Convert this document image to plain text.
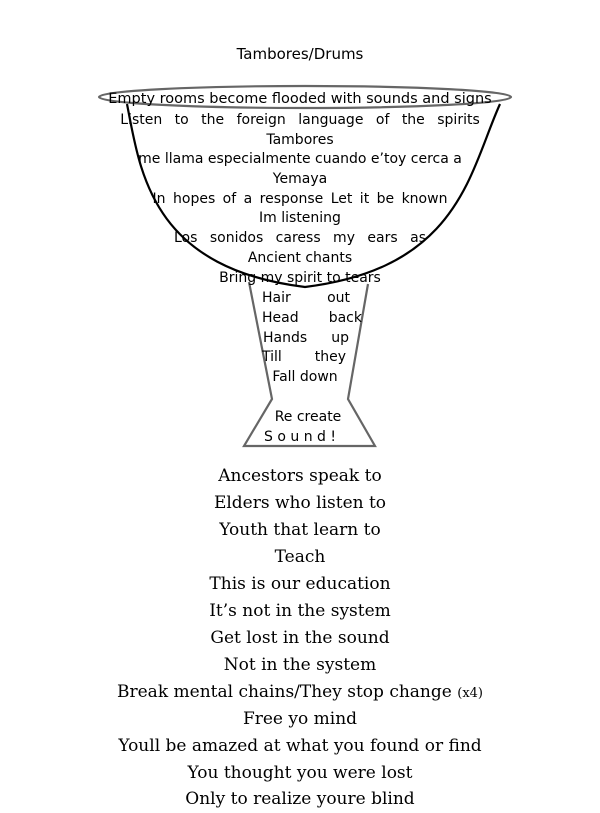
Tambores/Drums
Empty rooms become flooded with sounds and signs
Listen to the foreign language of the spirits
Tambores
me llama especialmente cuando e’toy cerca a
Yemaya
In hopes of a response Let it be known
Im listening
Los sonidos caress my ears as
Ancient chants
Bring my spirit to tears
Hair	out
Head back
Hands up
Till they
Fall down
Re create
S o u n d !
Ancestors speak to
Elders who listen to
Youth that learn to
Teach
This is our education
It’s not in the system
Get lost in the sound
Not in the system
Break mental chains/They stop change (x4)
Free yo mind
Youll be amazed at what you found or find
You thought you were lost
Only to realize youre blind
